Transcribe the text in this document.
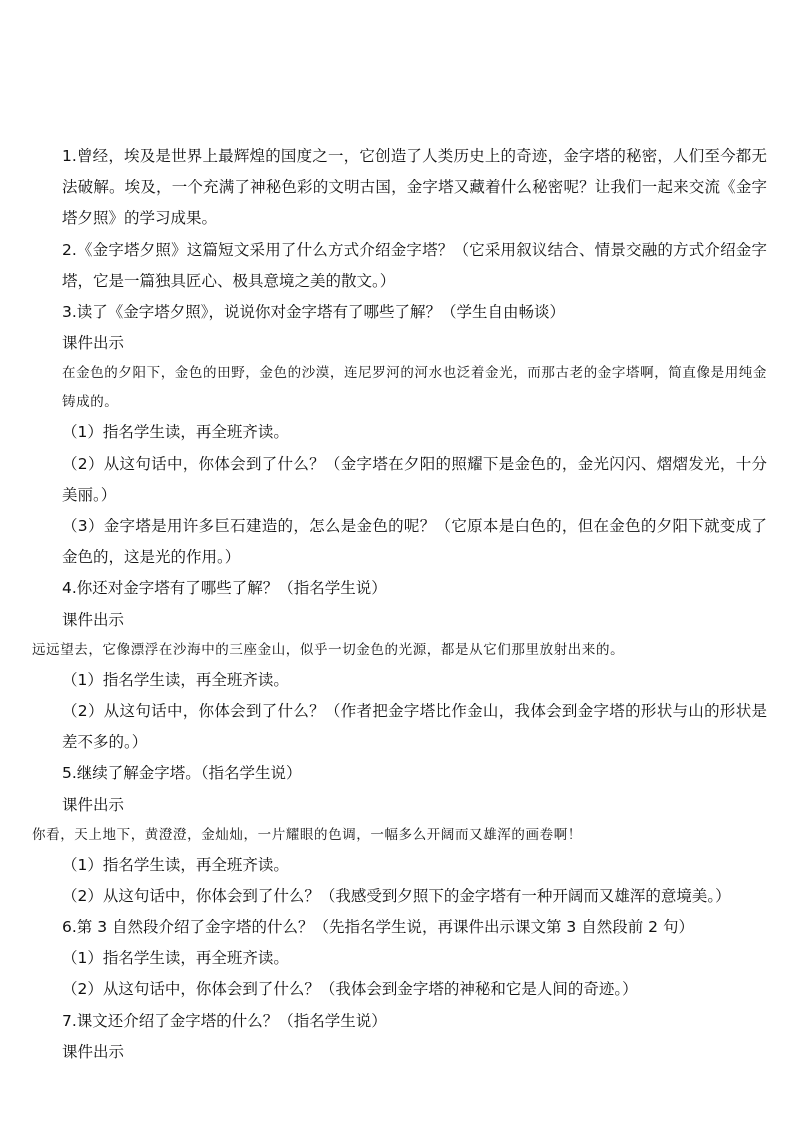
1.曾经，埃及是世界上最辉煌的国度之一，它创造了人类历史上的奇迹，金字塔的秘密，人们至今都无法破解。埃及，一个充满了神秘色彩的文明古国，金字塔又藏着什么秘密呢？让我们一起来交流《金字塔夕照》的学习成果。
2.《金字塔夕照》这篇短文采用了什么方式介绍金字塔？（它采用叙议结合、情景交融的方式介绍金字塔，它是一篇独具匠心、极具意境之美的散文。）
3.读了《金字塔夕照》，说说你对金字塔有了哪些了解？（学生自由畅谈）
课件出示
在金色的夕阳下，金色的田野，金色的沙漠，连尼罗河的河水也泛着金光，而那古老的金字塔啊，简直像是用纯金铸成的。
（1）指名学生读，再全班齐读。
（2）从这句话中，你体会到了什么？（金字塔在夕阳的照耀下是金色的，金光闪闪、熠熠发光，十分美丽。）
（3）金字塔是用许多巨石建造的，怎么是金色的呢？（它原本是白色的，但在金色的夕阳下就变成了金色的，这是光的作用。）
4.你还对金字塔有了哪些了解？（指名学生说）
课件出示
远远望去，它像漂浮在沙海中的三座金山，似乎一切金色的光源，都是从它们那里放射出来的。
（1）指名学生读，再全班齐读。
（2）从这句话中，你体会到了什么？（作者把金字塔比作金山，我体会到金字塔的形状与山的形状是差不多的。）
5.继续了解金字塔。（指名学生说）
课件出示
你看，天上地下，黄澄澄，金灿灿，一片耀眼的色调，一幅多么开阔而又雄浑的画卷啊！
（1）指名学生读，再全班齐读。
（2）从这句话中，你体会到了什么？（我感受到夕照下的金字塔有一种开阔而又雄浑的意境美。）
6.第 3 自然段介绍了金字塔的什么？（先指名学生说，再课件出示课文第 3 自然段前 2 句）
（1）指名学生读，再全班齐读。
（2）从这句话中，你体会到了什么？（我体会到金字塔的神秘和它是人间的奇迹。）
7.课文还介绍了金字塔的什么？（指名学生说）
课件出示
